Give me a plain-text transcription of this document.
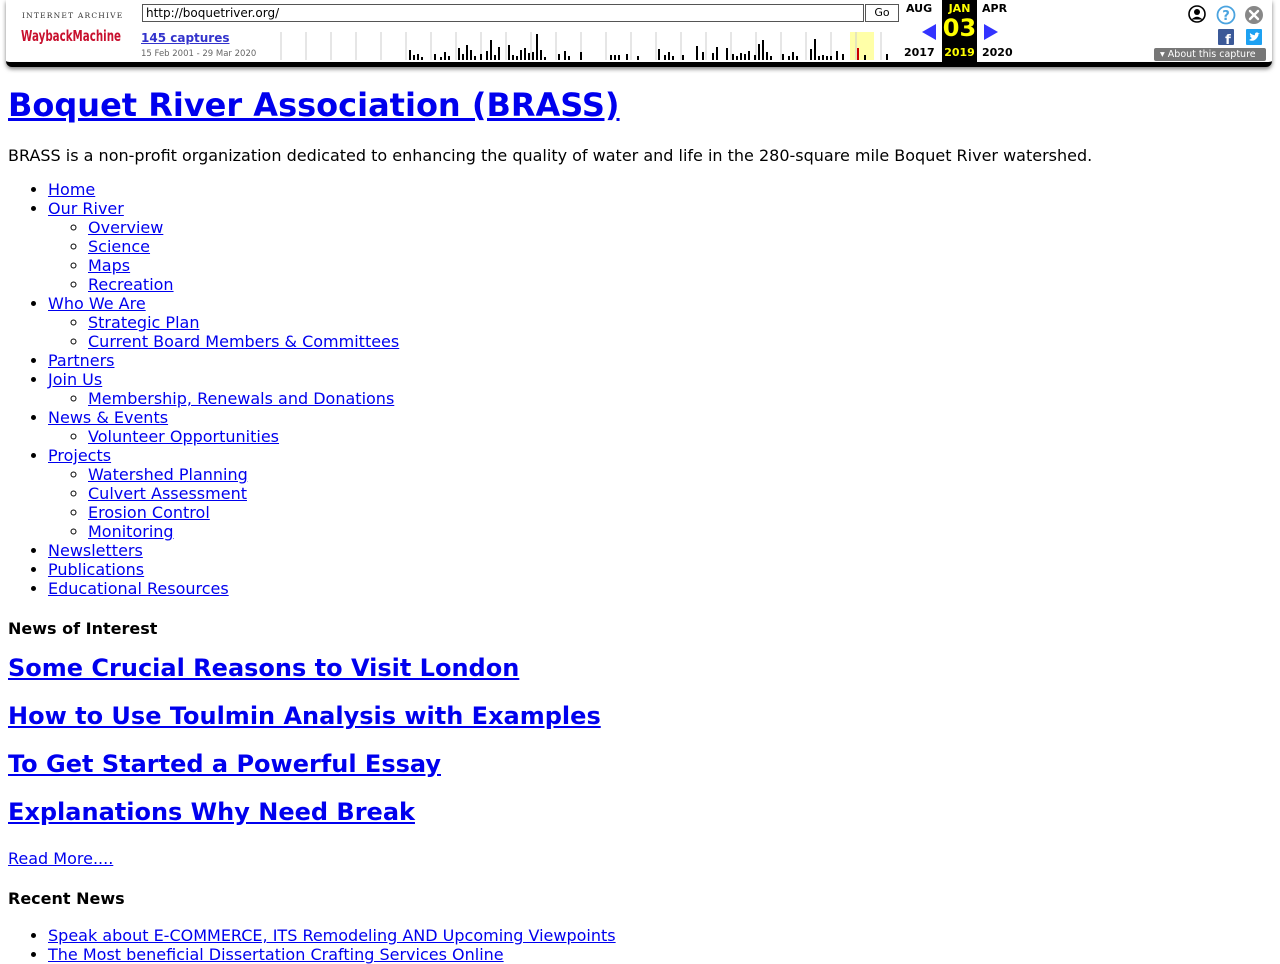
INTERNET ARCHIVE
WaybackMachine
http://boquetriver.org/	Go
145 captures
15 Feb 2001 - 29 Mar 2020
AUG
2017
JAN
03
2019
APR
2020
?
f
▾ About this capture
Boquet River Association (BRASS)

BRASS is a non-profit organization dedicated to enhancing the quality of water and life in the 280-square mile Boquet River watershed.

• Home
• Our River
◦ Overview
◦ Science
◦ Maps
◦ Recreation
• Who We Are
◦ Strategic Plan
◦ Current Board Members & Committees
• Partners
• Join Us
◦ Membership, Renewals and Donations
• News & Events
◦ Volunteer Opportunities
• Projects
◦ Watershed Planning
◦ Culvert Assessment
◦ Erosion Control
◦ Monitoring
• Newsletters
• Publications
• Educational Resources
News of Interest
Some Crucial Reasons to Visit London
How to Use Toulmin Analysis with Examples
To Get Started a Powerful Essay
Explanations Why Need Break
Read More....
Recent News
• Speak about E-COMMERCE, ITS Remodeling AND Upcoming Viewpoints
• The Most beneficial Dissertation Crafting Services Online
